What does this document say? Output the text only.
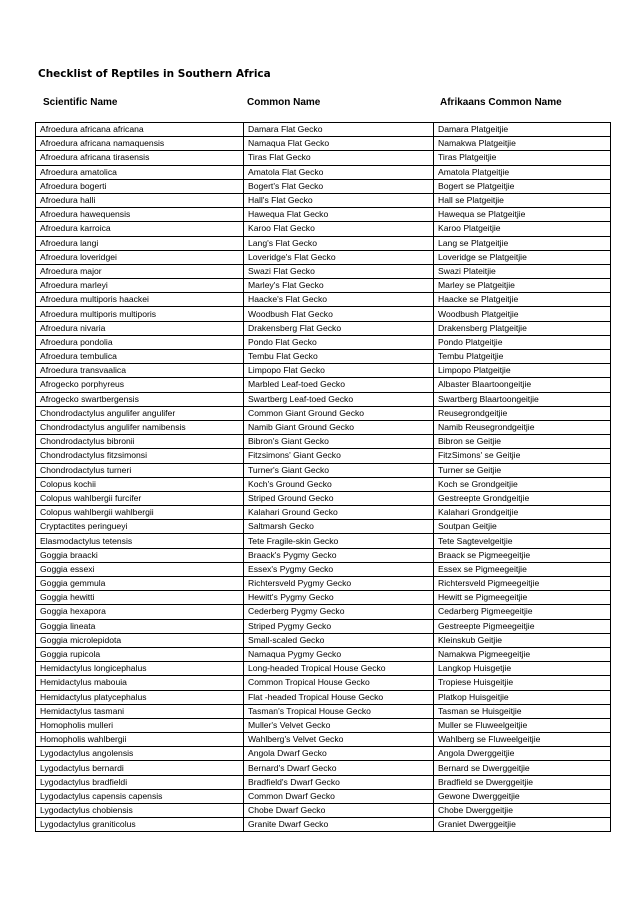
Checklist of Reptiles in Southern Africa
Scientific Name	Common Name	Afrikaans Common Name
Afroedura africana africana	Damara Flat Gecko	Damara Platgeitjie
Afroedura africana namaquensis	Namaqua Flat Gecko	Namakwa Platgeitjie
Afroedura africana tirasensis	Tiras Flat Gecko	Tiras Platgeitjie
Afroedura amatolica	Amatola Flat Gecko	Amatola Platgeitjie
Afroedura bogerti	Bogert's Flat Gecko	Bogert se Platgeitjie
Afroedura halli	Hall's Flat Gecko	Hall se Platgeitjie
Afroedura hawequensis	Hawequa Flat Gecko	Hawequa se Platgeitjie
Afroedura karroica	Karoo Flat Gecko	Karoo Platgeitjie
Afroedura langi	Lang's Flat Gecko	Lang se Platgeitjie
Afroedura loveridgei	Loveridge's Flat Gecko	Loveridge se Platgeitjie
Afroedura major	Swazi Flat Gecko	Swazi Plateitjie
Afroedura marleyi	Marley's Flat Gecko	Marley se Platgeitjie
Afroedura multiporis haackei	Haacke's Flat Gecko	Haacke se Platgeitjie
Afroedura multiporis multiporis	Woodbush Flat Gecko	Woodbush Platgeitjie
Afroedura nivaria	Drakensberg Flat Gecko	Drakensberg Platgeitjie
Afroedura pondolia	Pondo Flat Gecko	Pondo Platgeitjie
Afroedura tembulica	Tembu Flat Gecko	Tembu Platgeitjie
Afroedura transvaalica	Limpopo Flat Gecko	Limpopo Platgeitjie
Afrogecko porphyreus	Marbled Leaf-toed Gecko	Albaster Blaartoongeitjie
Afrogecko swartbergensis	Swartberg Leaf-toed Gecko	Swartberg Blaartoongeitjie
Chondrodactylus angulifer angulifer	Common Giant Ground Gecko	Reusegrondgeitjie
Chondrodactylus angulifer namibensis	Namib Giant Ground Gecko	Namib Reusegrondgeitjie
Chondrodactylus bibronii	Bibron's Giant Gecko	Bibron se Geitjie
Chondrodactylus fitzsimonsi	Fitzsimons' Giant Gecko	FitzSimons' se Geitjie
Chondrodactylus turneri	Turner's Giant Gecko	Turner se Geitjie
Colopus kochii	Koch's Ground Gecko	Koch se Grondgeitjie
Colopus wahlbergii furcifer	Striped Ground Gecko	Gestreepte Grondgeitjie
Colopus wahlbergii wahlbergii	Kalahari Ground Gecko	Kalahari Grondgeitjie
Cryptactites peringueyi	Saltmarsh Gecko	Soutpan Geitjie
Elasmodactylus tetensis	Tete Fragile-skin Gecko	Tete Sagtevelgeitjie
Goggia braacki	Braack's Pygmy Gecko	Braack se Pigmeegeitjie
Goggia essexi	Essex's Pygmy Gecko	Essex se Pigmeegeitjie
Goggia gemmula	Richtersveld Pygmy Gecko	Richtersveld Pigmeegeitjie
Goggia hewitti	Hewitt's Pygmy Gecko	Hewitt se Pigmeegeitjie
Goggia hexapora	Cederberg Pygmy Gecko	Cedarberg Pigmeegeitjie
Goggia lineata	Striped Pygmy Gecko	Gestreepte Pigmeegeitjie
Goggia microlepidota	Small-scaled Gecko	Kleinskub Geitjie
Goggia rupicola	Namaqua Pygmy Gecko	Namakwa Pigmeegeitjie
Hemidactylus longicephalus	Long-headed Tropical House Gecko	Langkop Huisgetjie
Hemidactylus mabouia	Common Tropical House Gecko	Tropiese Huisgeitjie
Hemidactylus platycephalus	Flat -headed Tropical House Gecko	Platkop Huisgeitjie
Hemidactylus tasmani	Tasman's Tropical House Gecko	Tasman se Huisgeitjie
Homopholis mulleri	Muller's Velvet Gecko	Muller se Fluweelgeitjie
Homopholis wahlbergii	Wahlberg's Velvet Gecko	Wahlberg se Fluweelgeitjie
Lygodactylus angolensis	Angola Dwarf Gecko	Angola Dwerggeitjie
Lygodactylus bernardi	Bernard's Dwarf Gecko	Bernard se Dwerggeitjie
Lygodactylus bradfieldi	Bradfield's Dwarf Gecko	Bradfield se Dwerggeitjie
Lygodactylus capensis capensis	Common Dwarf Gecko	Gewone Dwerggeitjie
Lygodactylus chobiensis	Chobe Dwarf Gecko	Chobe Dwerggeitjie
Lygodactylus graniticolus	Granite Dwarf Gecko	Graniet Dwerggeitjie
